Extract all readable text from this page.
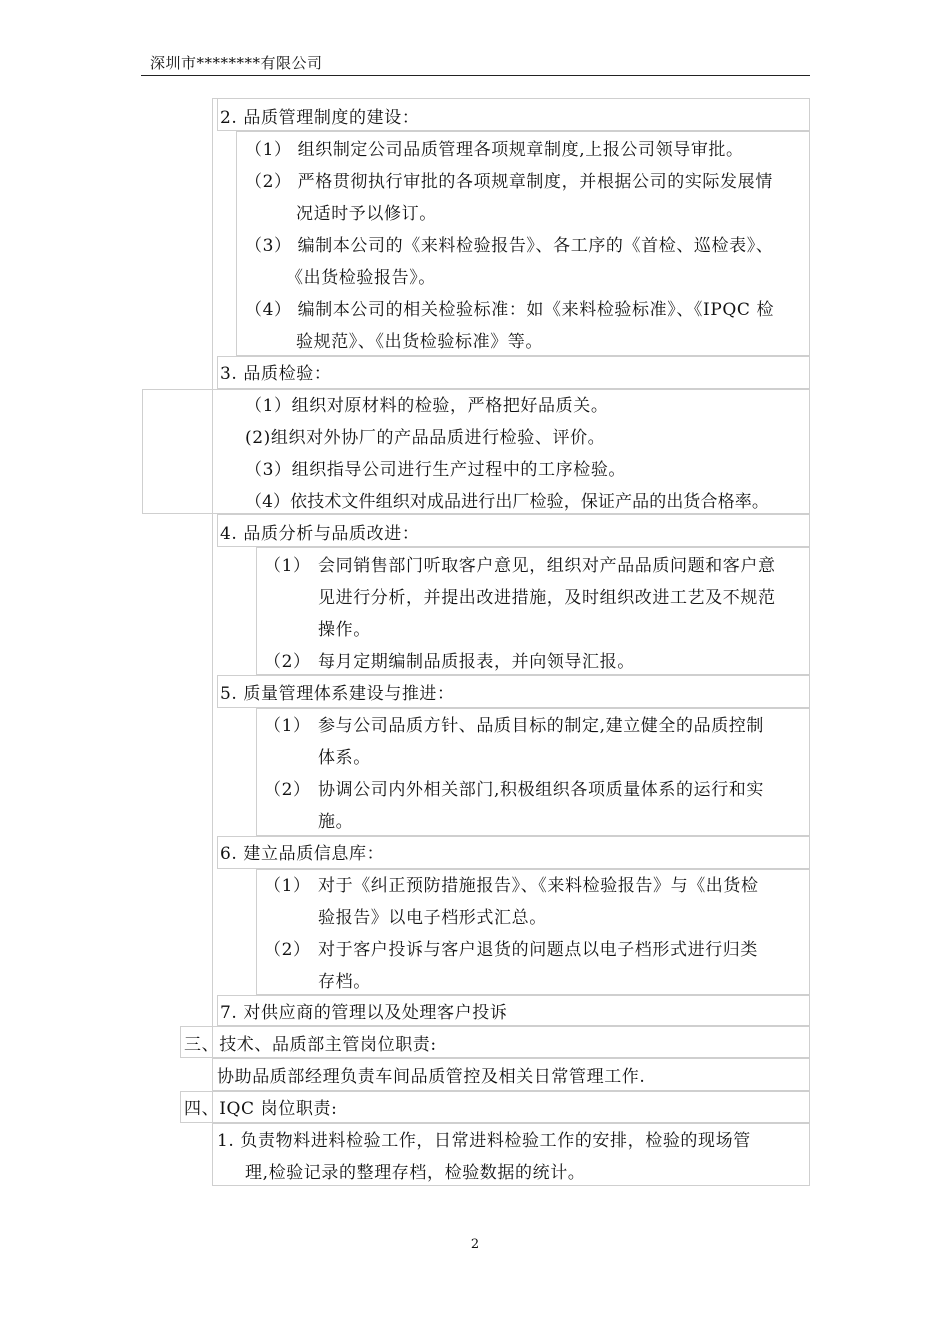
深圳市********有限公司
2. 品质管理制度的建设：
（1） 组织制定公司品质管理各项规章制度,上报公司领导审批。
（2） 严格贯彻执行审批的各项规章制度，并根据公司的实际发展情
况适时予以修订。
（3） 编制本公司的《来料检验报告》、各工序的《首检、巡检表》、
《出货检验报告》。
（4） 编制本公司的相关检验标准：如《来料检验标准》、《IPQC 检
验规范》、《出货检验标准》等。
3. 品质检验：
（1）组织对原材料的检验，严格把好品质关。
(2)组织对外协厂的产品品质进行检验、评价。
（3）组织指导公司进行生产过程中的工序检验。
（4）依技术文件组织对成品进行出厂检验，保证产品的出货合格率。
4. 品质分析与品质改进：
（1） 会同销售部门听取客户意见，组织对产品品质问题和客户意
见进行分析，并提出改进措施，及时组织改进工艺及不规范
操作。
（2） 每月定期编制品质报表，并向领导汇报。
5. 质量管理体系建设与推进：
（1） 参与公司品质方针、品质目标的制定,建立健全的品质控制
体系。
（2） 协调公司内外相关部门,积极组织各项质量体系的运行和实
施。
6. 建立品质信息库：
（1） 对于《纠正预防措施报告》、《来料检验报告》与《出货检
验报告》以电子档形式汇总。
（2） 对于客户投诉与客户退货的问题点以电子档形式进行归类
存档。
7. 对供应商的管理以及处理客户投诉
三、技术、品质部主管岗位职责:
协助品质部经理负责车间品质管控及相关日常管理工作.
四、IQC 岗位职责:
1. 负责物料进料检验工作，日常进料检验工作的安排，检验的现场管
理,检验记录的整理存档，检验数据的统计。
2
